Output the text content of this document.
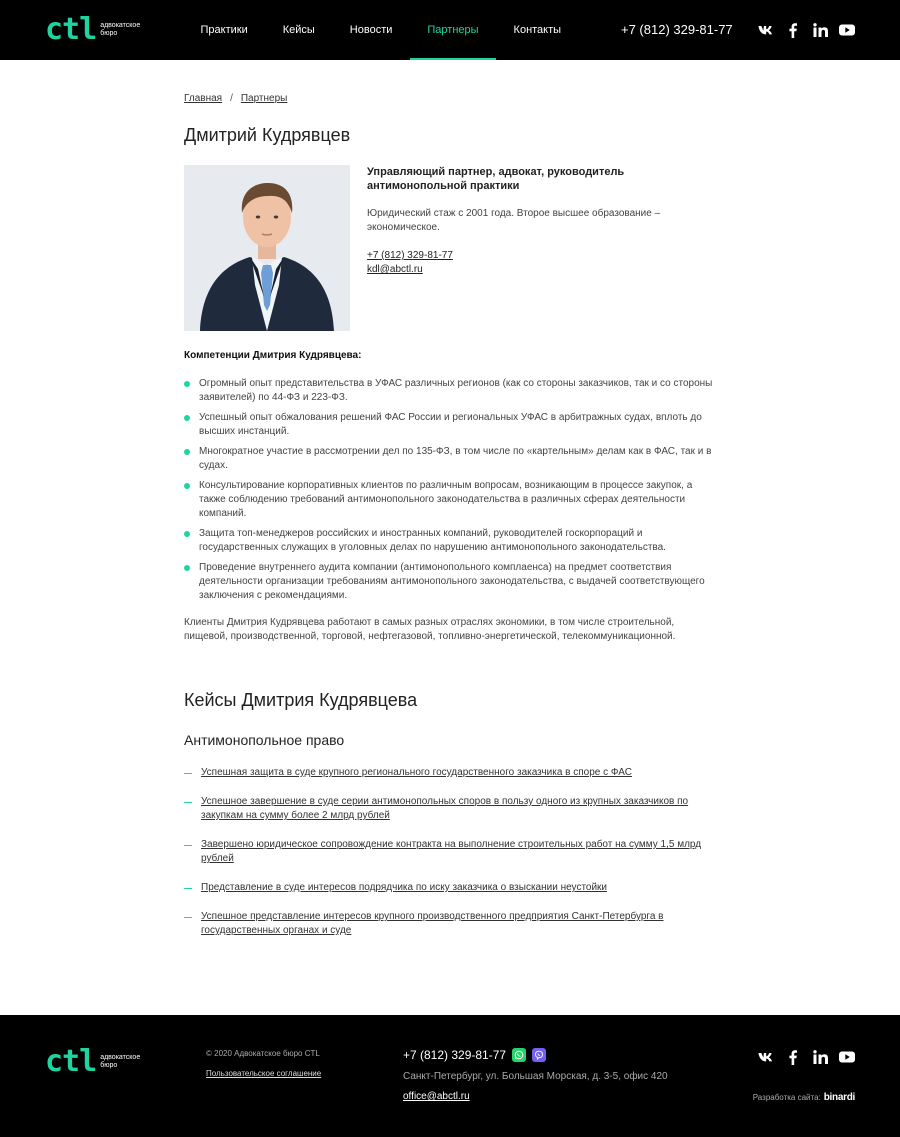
ctl адвокатское бюро	Практики	Кейсы	Новости	Партнеры	Контакты	+7 (812) 329-81-77
Главная / Партнеры
Дмитрий Кудрявцев

Управляющий партнер, адвокат, руководитель антимонопольной практики

Юридический стаж с 2001 года. Второе высшее образование – экономическое.

+7 (812) 329-81-77
kdl@abctl.ru

Компетенции Дмитрия Кудрявцева:

Огромный опыт представительства в УФАС различных регионов (как со стороны заказчиков, так и со стороны заявителей) по 44-ФЗ и 223-ФЗ.
Успешный опыт обжалования решений ФАС России и региональных УФАС в арбитражных судах, вплоть до высших инстанций.
Многократное участие в рассмотрении дел по 135-ФЗ, в том числе по «картельным» делам как в ФАС, так и в судах.
Консультирование корпоративных клиентов по различным вопросам, возникающим в процессе закупок, а также соблюдению требований антимонопольного законодательства в различных сферах деятельности компаний.
Защита топ-менеджеров российских и иностранных компаний, руководителей госкорпораций и государственных служащих в уголовных делах по нарушению антимонопольного законодательства.
Проведение внутреннего аудита компании (антимонопольного комплаенса) на предмет соответствия деятельности организации требованиям антимонопольного законодательства, с выдачей соответствующего заключения с рекомендациями.

Клиенты Дмитрия Кудрявцева работают в самых разных отраслях экономики, в том числе строительной, пищевой, производственной, торговой, нефтегазовой, топливно-энергетической, телекоммуникационной.

Кейсы Дмитрия Кудрявцева
Антимонопольное право
Успешная защита в суде крупного регионального государственного заказчика в споре с ФАС
Успешное завершение в суде серии антимонопольных споров в пользу одного из крупных заказчиков по закупкам на сумму более 2 млрд рублей
Завершено юридическое сопровождение контракта на выполнение строительных работ на сумму 1,5 млрд рублей
Представление в суде интересов подрядчика по иску заказчика о взыскании неустойки
Успешное представление интересов крупного производственного предприятия Санкт-Петербурга в государственных органах и суде
ctl адвокатское бюро
© 2020 Адвокатское бюро CTL
Пользовательское соглашение
+7 (812) 329-81-77
Санкт-Петербург, ул. Большая Морская, д. 3-5, офис 420
office@abctl.ru	Разработка сайта: binardi
